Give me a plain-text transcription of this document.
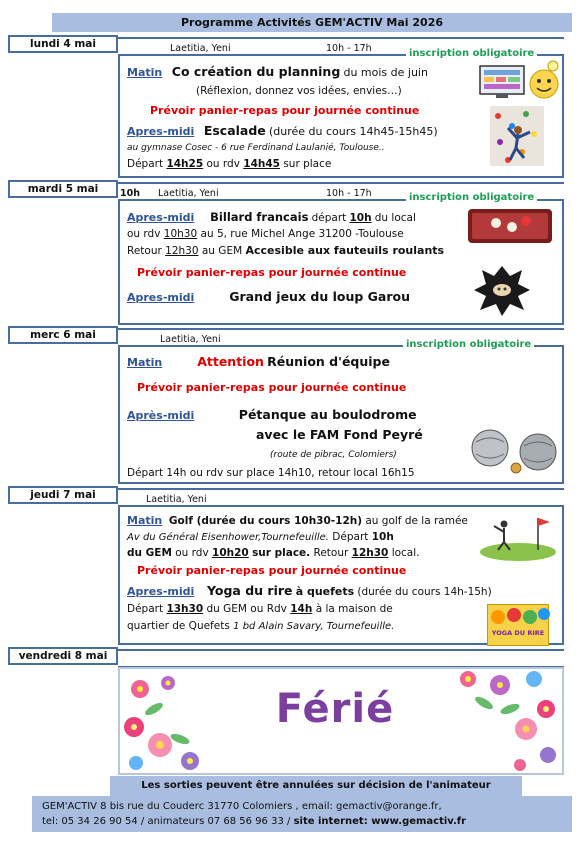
Programme Activités GEM'ACTIV Mai 2026
Laetitia, Yeni	10h - 17h
lundi 4 mai
inscription obligatoire
Matin Co création du planning du mois de juin
(Réflexion, donnez vos idées, envies…)
Prévoir panier-repas pour journée continue
Apres-midi Escalade (durée du cours 14h45-15h45)
au gymnase Cosec - 6 rue Ferdinand Laulanié, Toulouse..
Départ 14h25 ou rdv 14h45 sur place
10h Laetitia, Yeni	10h - 17h
mardi 5 mai
inscription obligatoire
Apres-midi Billard francais départ 10h du local
ou rdv 10h30 au 5, rue Michel Ange 31200 -Toulouse
Retour 12h30 au GEM Accesible aux fauteuils roulants
Prévoir panier-repas pour journée continue
Apres-midi	Grand jeux du loup Garou
Laetitia, Yeni
merc 6 mai
inscription obligatoire
Matin	Attention Réunion d'équipe
Prévoir panier-repas pour journée continue
Après-midi	Pétanque au boulodrome
avec le FAM Fond Peyré
(route de pibrac, Colomiers)
Départ 14h ou rdv sur place 14h10, retour local 16h15
Laetitia, Yeni
jeudi 7 mai
Matin Golf (durée du cours 10h30-12h) au golf de la ramée
Av du Général Eisenhower,Tournefeuille. Départ 10h
du GEM ou rdv 10h20 sur place. Retour 12h30 local.
Prévoir panier-repas pour journée continue
Apres-midi Yoga du rire à quefets (durée du cours 14h-15h)
Départ 13h30 du GEM ou Rdv 14h à la maison de
quartier de Quefets 1 bd Alain Savary, Tournefeuille.
YOGA DU RIRE
vendredi 8 mai
Férié
Les sorties peuvent être annulées sur décision de l'animateur
GEM'ACTIV 8 bis rue du Couderc 31770 Colomiers , email: gemactiv@orange.fr,
tel: 05 34 26 90 54 / animateurs 07 68 56 96 33 / site internet: www.gemactiv.fr
